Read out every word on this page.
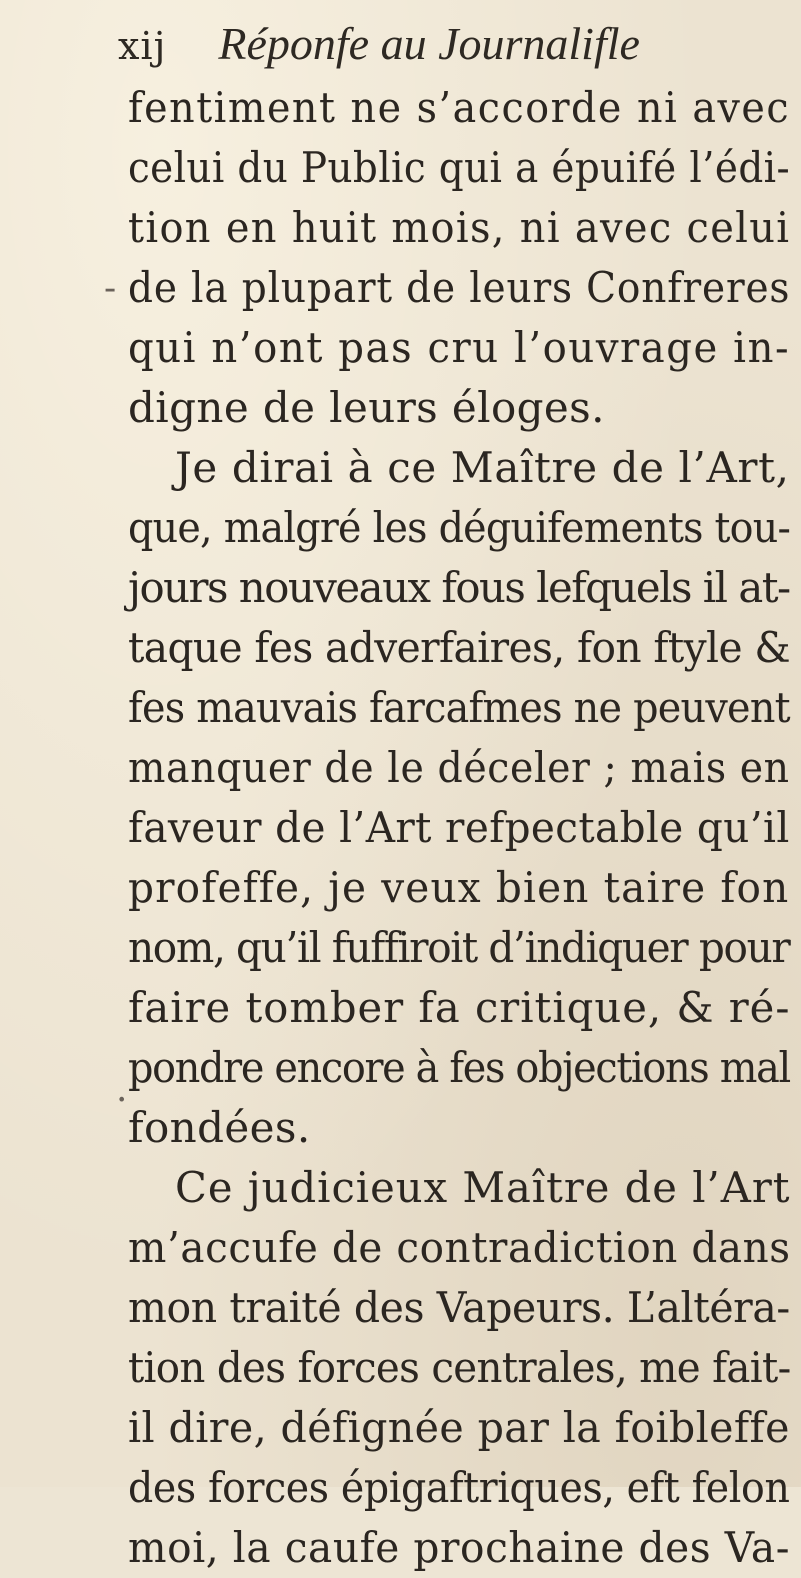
xij Réponfe au Journalifle
-
·
fentiment ne s’accorde ni avec
celui du Public qui a épuifé l’édi-
tion en huit mois, ni avec celui
de la plupart de leurs Confreres
qui n’ont pas cru l’ouvrage in-
digne de leurs éloges.
Je dirai à ce Maître de l’Art,
que, malgré les déguifements tou-
jours nouveaux fous lefquels il at-
taque fes adverfaires, fon ftyle &
fes mauvais farcafmes ne peuvent
manquer de le déceler ; mais en
faveur de l’Art refpectable qu’il
profeffe, je veux bien taire fon
nom, qu’il fuffiroit d’indiquer pour
faire tomber fa critique, & ré-
pondre encore à fes objections mal
fondées.
Ce judicieux Maître de l’Art
m’accufe de contradiction dans
mon traité des Vapeurs. L’altéra-
tion des forces centrales, me fait-
il dire, défignée par la foibleffe
des forces épigaftriques, eft felon
moi, la caufe prochaine des Va-
